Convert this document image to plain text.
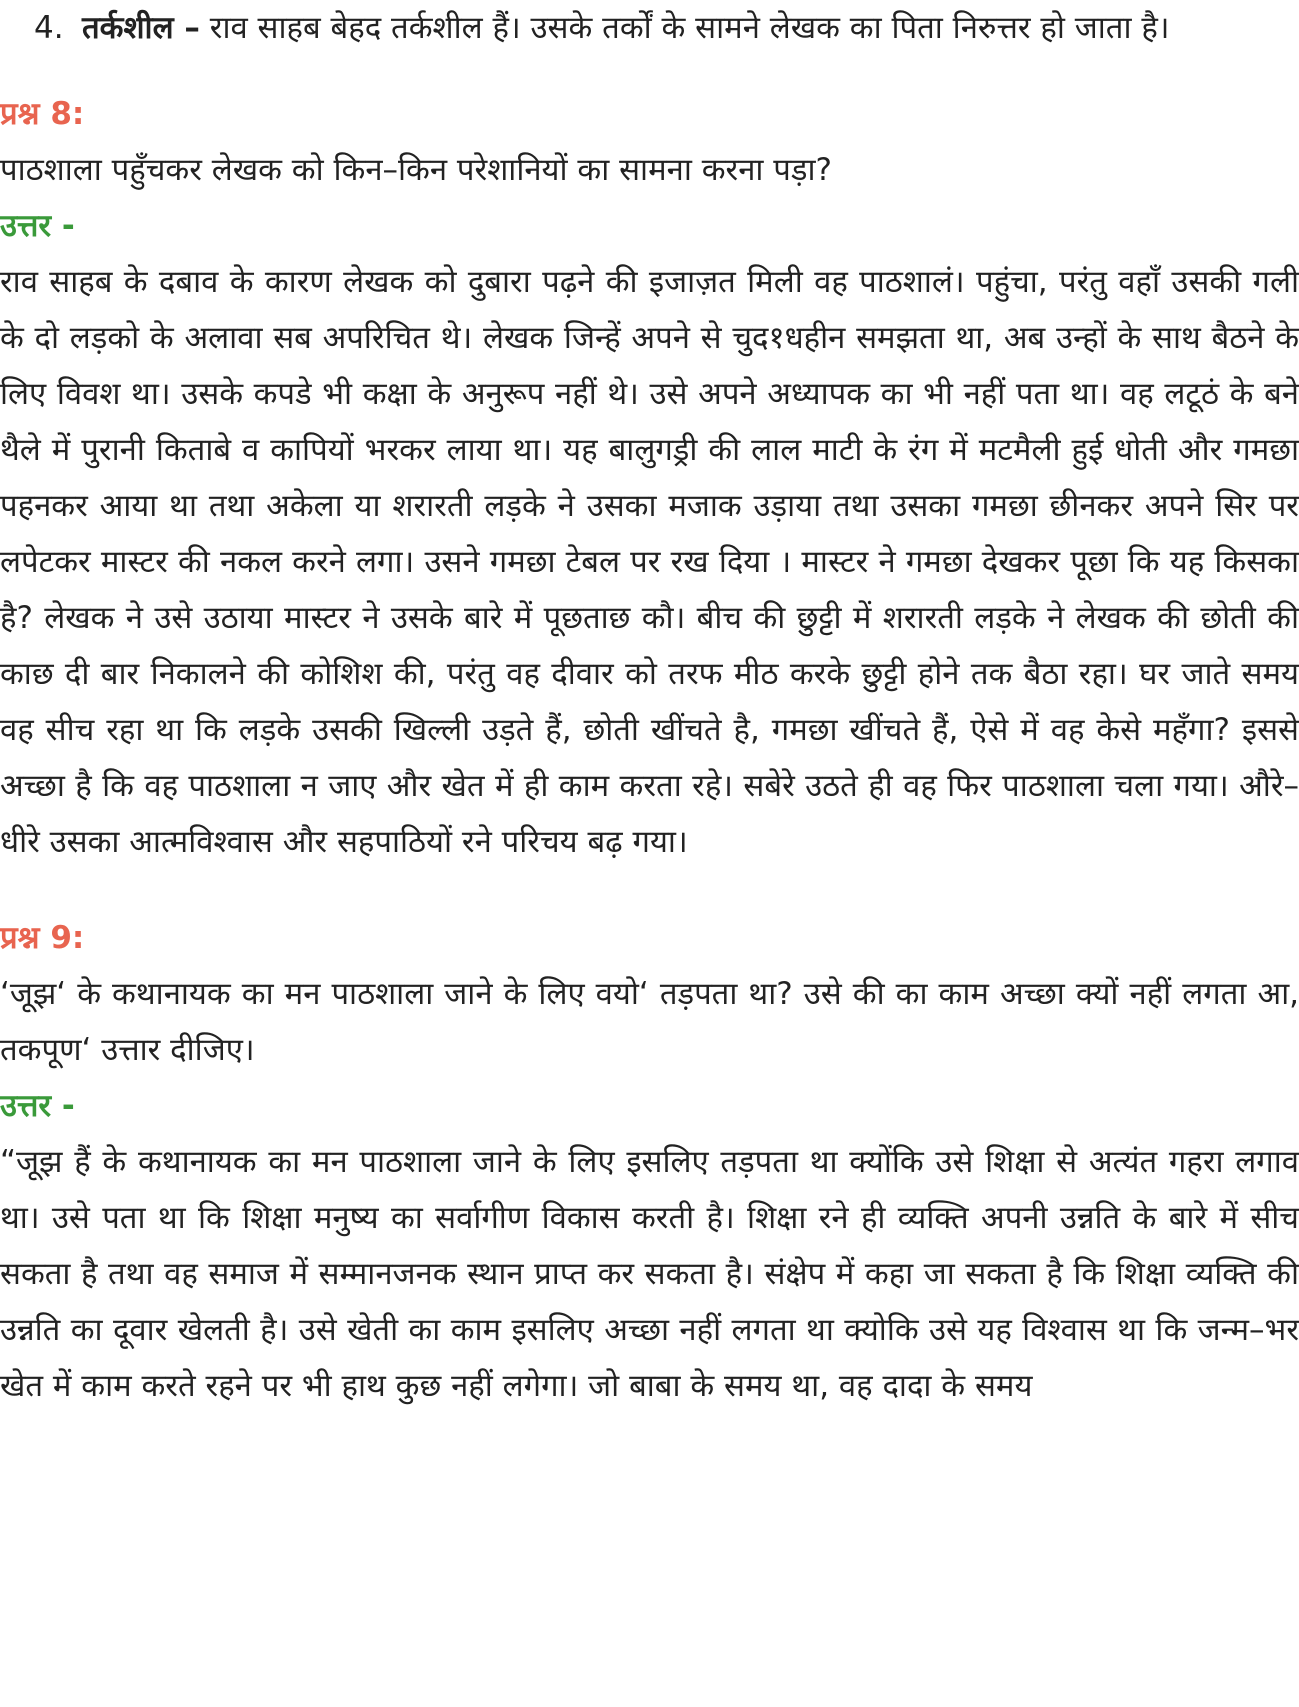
4. तर्कशील – राव साहब बेहद तर्कशील हैं। उसके तर्कों के सामने लेखक का पिता निरुत्तर हो जाता है।
प्रश्न 8:
पाठशाला पहुँचकर लेखक को किन–किन परेशानियों का सामना करना पड़ा?
उत्तर -
राव साहब के दबाव के कारण लेखक को दुबारा पढ़ने की इजाज़त मिली वह पाठशालं। पहुंचा, परंतु वहाँ उसकी गली के दो लड़को के अलावा सब अपरिचित थे। लेखक जिन्हें अपने से चुद१धहीन समझता था, अब उन्हों के साथ बैठने के लिए विवश था। उसके कपडे भी कक्षा के अनुरूप नहीं थे। उसे अपने अध्यापक का भी नहीं पता था। वह लटूठं के बने थैले में पुरानी किताबे व कापियों भरकर लाया था। यह बालुगड्री की लाल माटी के रंग में मटमैली हुई धोती और गमछा पहनकर आया था तथा अकेला या शरारती लड़के ने उसका मजाक उड़ाया तथा उसका गमछा छीनकर अपने सिर पर लपेटकर मास्टर की नकल करने लगा। उसने गमछा टेबल पर रख दिया । मास्टर ने गमछा देखकर पूछा कि यह किसका है? लेखक ने उसे उठाया मास्टर ने उसके बारे में पूछताछ कौ। बीच की छुट्टी में शरारती लड़के ने लेखक की छोती की काछ दी बार निकालने की कोशिश की, परंतु वह दीवार को तरफ मीठ करके छुट्टी होने तक बैठा रहा। घर जाते समय वह सीच रहा था कि लड़के उसकी खिल्ली उड़ते हैं, छोती खींचते है, गमछा खींचते हैं, ऐसे में वह केसे महँगा? इससे अच्छा है कि वह पाठशाला न जाए और खेत में ही काम करता रहे। सबेरे उठते ही वह फिर पाठशाला चला गया। औरे–धीरे उसका आत्मविश्वास और सहपाठियों रने परिचय बढ़ गया।
प्रश्न 9:
‘जूझ‘ के कथानायक का मन पाठशाला जाने के लिए वयो‘ तड़पता था? उसे की का काम अच्छा क्यों नहीं लगता आ, तकपूण‘ उत्तार दीजिए।
उत्तर -
“जूझ हैं के कथानायक का मन पाठशाला जाने के लिए इसलिए तड़पता था क्योंकि उसे शिक्षा से अत्यंत गहरा लगाव था। उसे पता था कि शिक्षा मनुष्य का सर्वागीण विकास करती है। शिक्षा रने ही व्यक्ति अपनी उन्नति के बारे में सीच सकता है तथा वह समाज में सम्मानजनक स्थान प्राप्त कर सकता है। संक्षेप में कहा जा सकता है कि शिक्षा व्यक्ति की उन्नति का दूवार खेलती है। उसे खेती का काम इसलिए अच्छा नहीं लगता था क्योकि उसे यह विश्वास था कि जन्म–भर खेत में काम करते रहने पर भी हाथ कुछ नहीं लगेगा। जो बाबा के समय था, वह दादा के समय
